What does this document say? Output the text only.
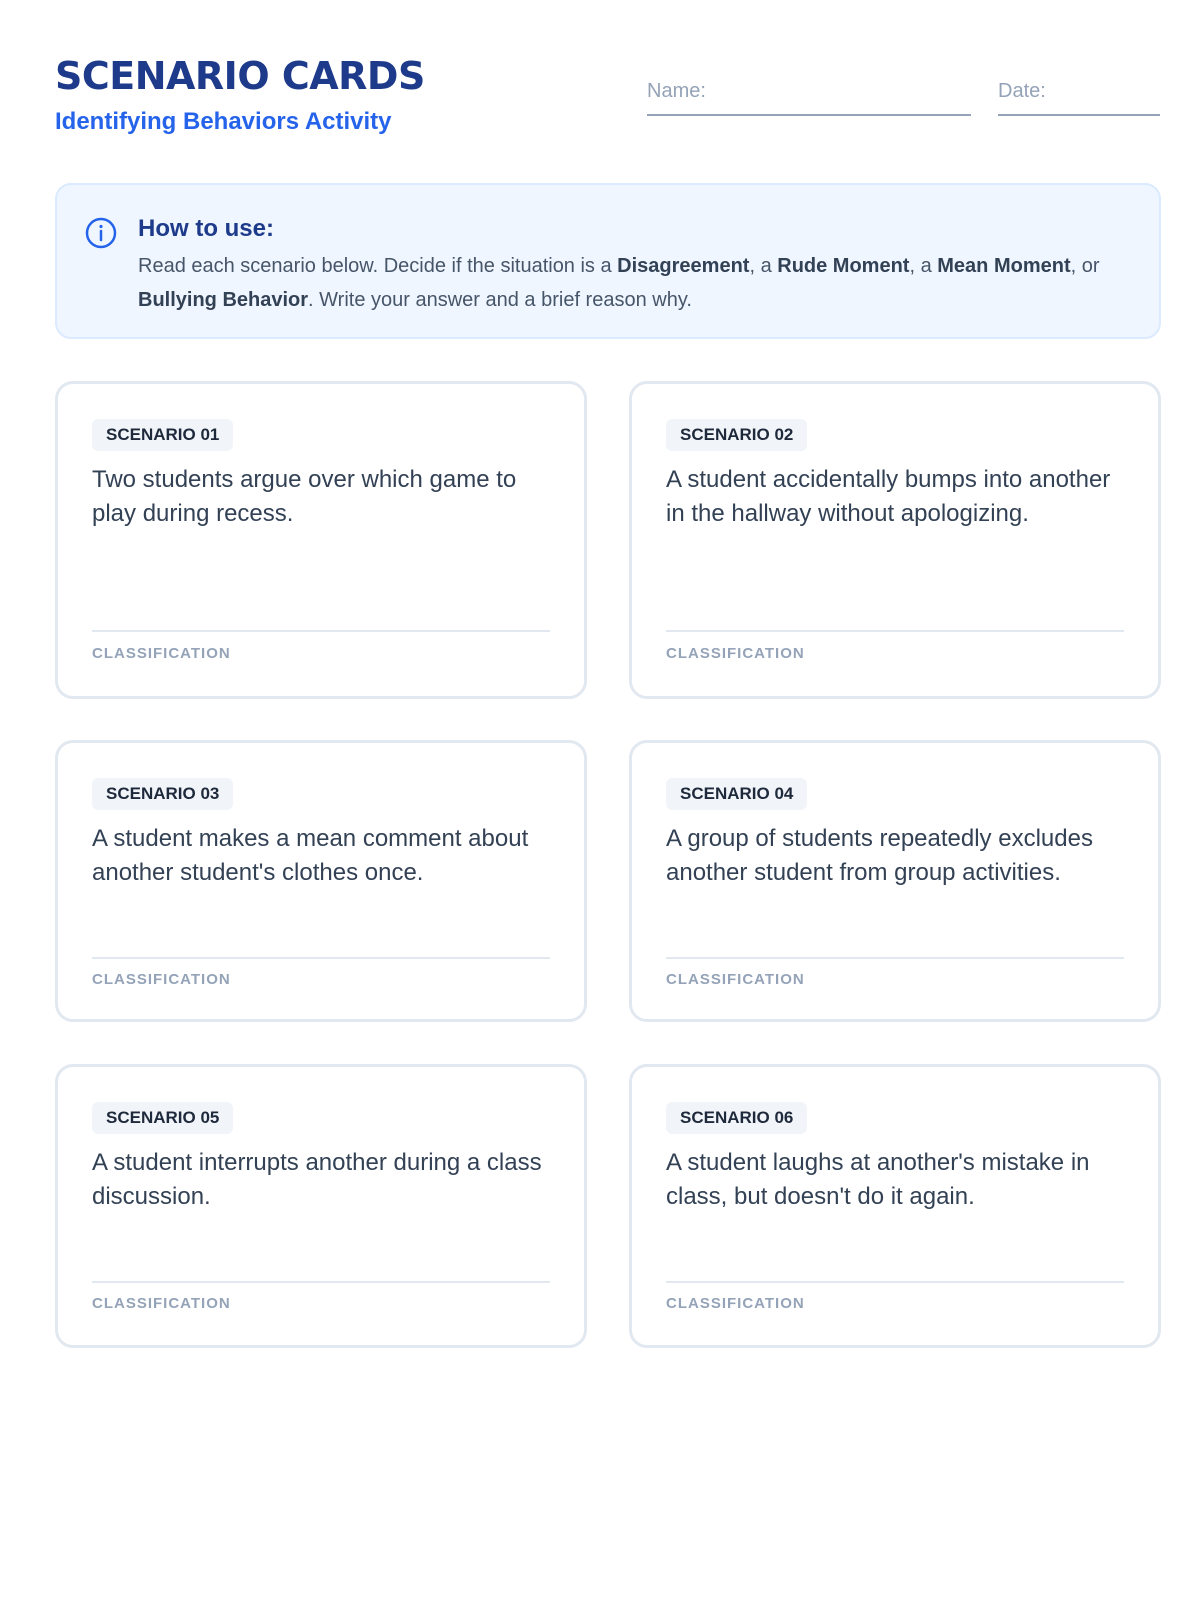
SCENARIO CARDS
Identifying Behaviors Activity
Name:	Date:
How to use:
Read each scenario below. Decide if the situation is a Disagreement, a Rude Moment, a Mean Moment, or Bullying Behavior. Write your answer and a brief reason why.
SCENARIO 01
Two students argue over which game to play during recess.
CLASSIFICATION
SCENARIO 02
A student accidentally bumps into another in the hallway without apologizing.
CLASSIFICATION
SCENARIO 03
A student makes a mean comment about another student's clothes once.
CLASSIFICATION
SCENARIO 04
A group of students repeatedly excludes another student from group activities.
CLASSIFICATION
SCENARIO 05
A student interrupts another during a class discussion.
CLASSIFICATION
SCENARIO 06
A student laughs at another's mistake in class, but doesn't do it again.
CLASSIFICATION
